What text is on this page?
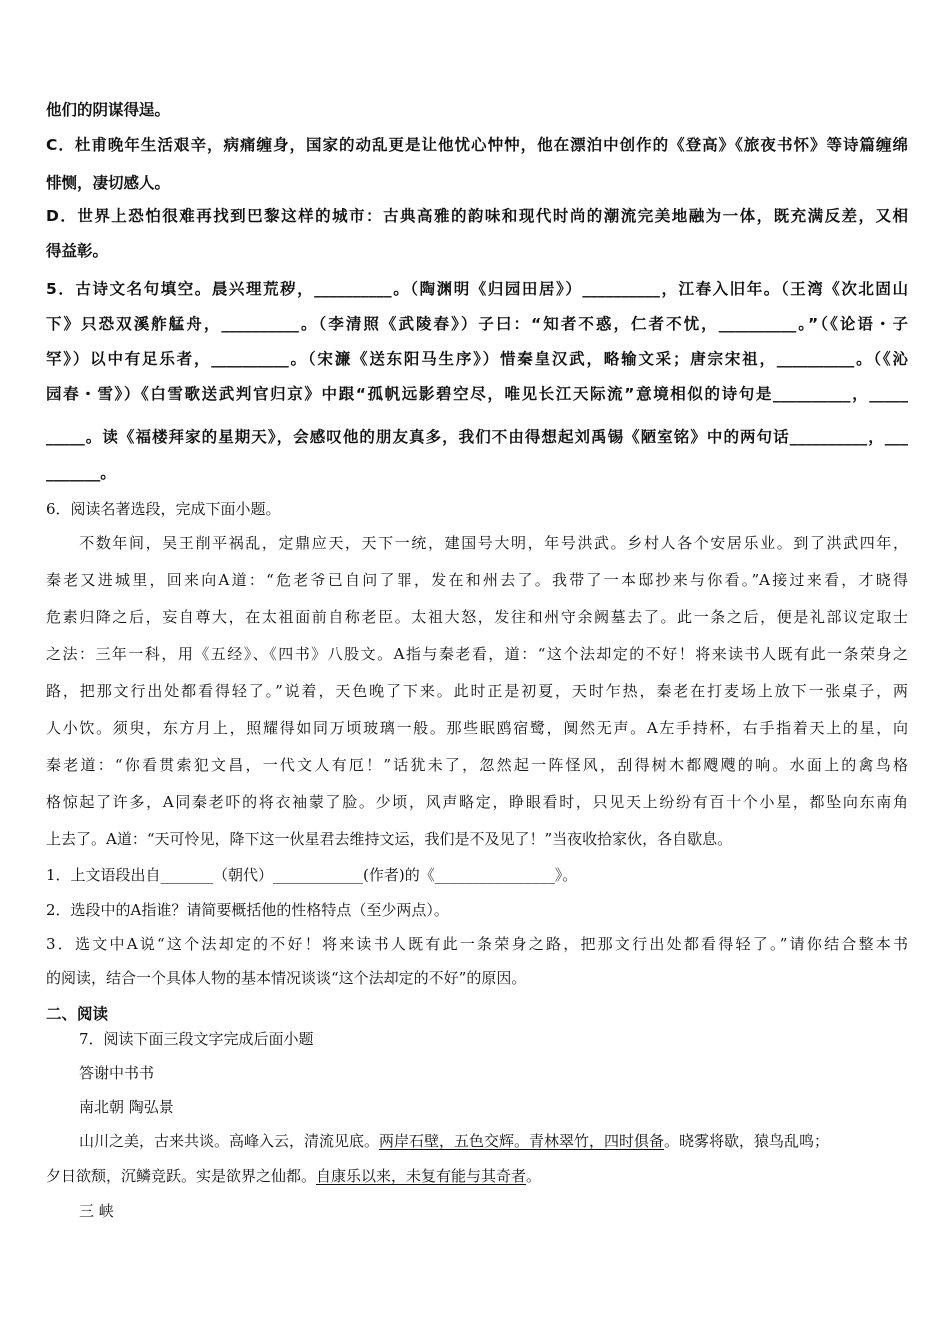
他们的阴谋得逞。
C．杜甫晚年生活艰辛，病痛缠身，国家的动乱更是让他忧心忡忡，他在漂泊中创作的《登高》《旅夜书怀》等诗篇缠绵
悱恻，凄切感人。
D．世界上恐怕很难再找到巴黎这样的城市：古典高雅的韵味和现代时尚的潮流完美地融为一体，既充满反差，又相
得益彰。
5．古诗文名句填空。晨兴理荒秽，__________。（陶渊明《归园田居》）__________，江春入旧年。（王湾《次北固山
下》只恐双溪舴艋舟，__________。（李清照《武陵春》）子曰：“知者不惑，仁者不忧，__________。”（《论语・子
罕》）以中有足乐者，__________。（宋濂《送东阳马生序》）惜秦皇汉武，略输文采；唐宗宋祖，__________。（《沁
园春・雪》）《白雪歌送武判官归京》中跟“孤帆远影碧空尽，唯见长江天际流”意境相似的诗句是__________，_____
_____。读《福楼拜家的星期天》，会感叹他的朋友真多，我们不由得想起刘禹锡《陋室铭》中的两句话__________，___
_______。
6．阅读名著选段，完成下面小题。
　　不数年间，吴王削平祸乱，定鼎应天，天下一统，建国号大明，年号洪武。乡村人各个安居乐业。到了洪武四年，
秦老又进城里，回来向A道：“危老爷已自问了罪，发在和州去了。我带了一本邸抄来与你看。”A接过来看，才晓得
危素归降之后，妄自尊大，在太祖面前自称老臣。太祖大怒，发往和州守余阙墓去了。此一条之后，便是礼部议定取士
之法：三年一科，用《五经》、《四书》八股文。A指与秦老看，道：“这个法却定的不好！将来读书人既有此一条荣身之
路，把那文行出处都看得轻了。”说着，天色晚了下来。此时正是初夏，天时乍热，秦老在打麦场上放下一张桌子，两
人小饮。须臾，东方月上，照耀得如同万顷玻璃一般。那些眠鸥宿鹭，阒然无声。A左手持杯，右手指着天上的星，向
秦老道：“你看贯索犯文昌，一代文人有厄！”话犹未了，忽然起一阵怪风，刮得树木都飕飕的响。水面上的禽鸟格
格惊起了许多，A同秦老吓的将衣袖蒙了脸。少顷，风声略定，睁眼看时，只见天上纷纷有百十个小星，都坠向东南角
上去了。A道：“天可怜见，降下这一伙星君去维持文运，我们是不及见了！”当夜收拾家伙，各自歇息。
1．上文语段出自_______（朝代）____________(作者)的《________________》。
2．选段中的A指谁？请简要概括他的性格特点（至少两点）。
3．选文中A说“这个法却定的不好！将来读书人既有此一条荣身之路，把那文行出处都看得轻了。”请你结合整本书
的阅读，结合一个具体人物的基本情况谈谈“这个法却定的不好”的原因。
二、阅读
7．阅读下面三段文字完成后面小题
答谢中书书
南北朝 陶弘景
山川之美，古来共谈。高峰入云，清流见底。两岸石壁，五色交辉。青林翠竹，四时俱备。晓雾将歇，猿鸟乱鸣；
夕日欲颓，沉鳞竞跃。实是欲界之仙都。自康乐以来，未复有能与其奇者。
三 峡
